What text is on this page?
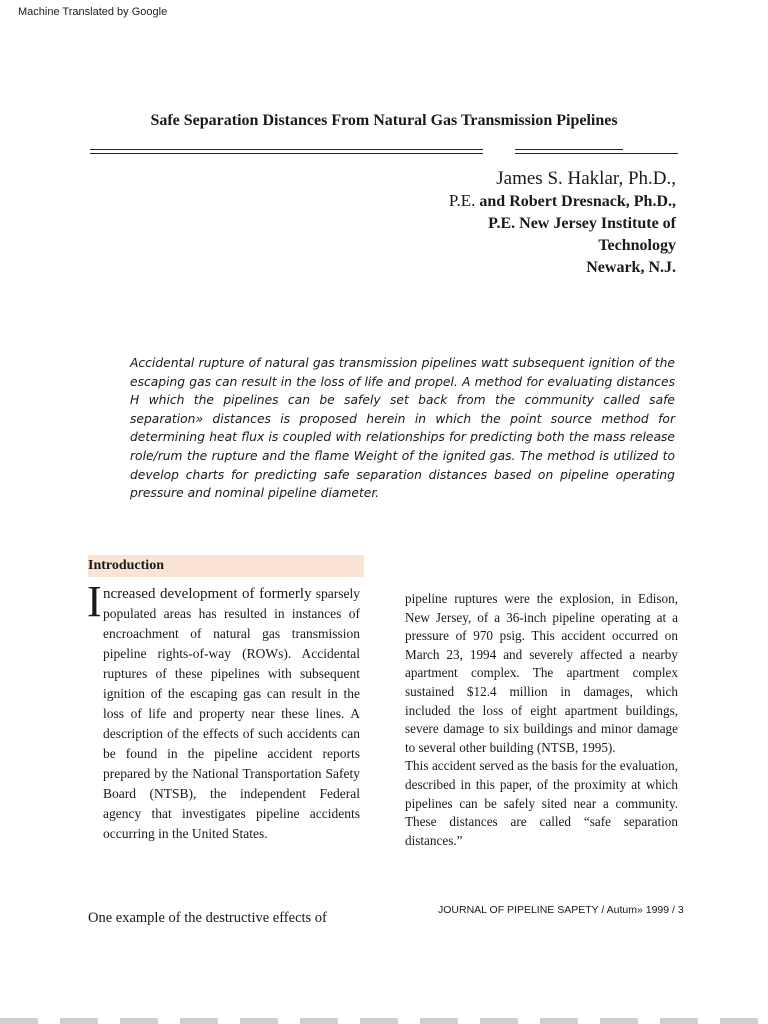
Machine Translated by Google
Safe Separation Distances From Natural Gas Transmission Pipelines
James S. Haklar, Ph.D.,
P.E. and Robert Dresnack, Ph.D.,
P.E. New Jersey Institute of
Technology
Newark, N.J.

Accidental rupture of natural gas transmission pipelines watt subsequent ignition of the escaping gas can result in the loss of life and propel. A method for evaluating distances H which the pipelines can be safely set back from the community called safe separation» distances is proposed herein in which the point source method for determining heat flux is coupled with relationships for predicting both the mass release role/rum the rupture and the flame Weight of the ignited gas. The method is utilized to develop charts for predicting safe separation distances based on pipeline operating pressure and nominal pipeline diameter.

Introduction
I ncreased development of formerly sparsely populated areas has resulted in instances of encroachment of natural gas transmission pipeline rights-of-way (ROWs). Accidental ruptures of these pipelines with subsequent ignition of the escaping gas can result in the loss of life and property near these lines. A description of the effects of such accidents can be found in the pipeline accident reports prepared by the National Transportation Safety Board (NTSB), the independent Federal agency that investigates pipeline accidents occurring in the United States.

One example of the destructive effects of

pipeline ruptures were the explosion, in Edison, New Jersey, of a 36-inch pipeline operating at a pressure of 970 psig. This accident occurred on March 23, 1994 and severely affected a nearby apartment complex. The apartment complex sustained $12.4 million in damages, which included the loss of eight apartment buildings, severe damage to six buildings and minor damage to several other building (NTSB, 1995).

This accident served as the basis for the evaluation, described in this paper, of the proximity at which pipelines can be safely sited near a community. These distances are called “safe separation distances.”

JOURNAL OF PIPELINE SAPETY / Autum» 1999 / 3
